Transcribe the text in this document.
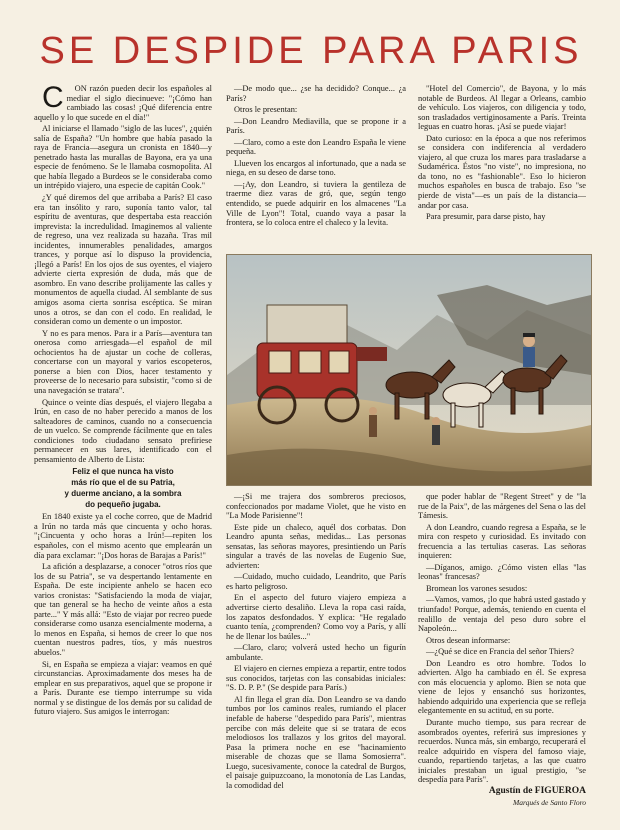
SE DESPIDE PARA PARIS

C ON razón pueden decir los españoles al mediar el siglo diecinueve: "¡Cómo han cambiado las cosas! ¡Qué diferencia entre aquello y lo que sucede en el día!"

Al iniciarse el llamado "siglo de las luces", ¿quién salía de España? "Un hombre que había pasado la raya de Francia—asegura un cronista en 1840—y penetrado hasta las murallas de Bayona, era ya una especie de fenómeno. Se le llamaba cosmopolita. Al que había llegado a Burdeos se le consideraba como un intrépido viajero, una especie de capitán Cook."

¿Y qué diremos del que arribaba a París? El caso era tan insólito y raro, suponía tanto valor, tal espíritu de aventuras, que despertaba esta reacción imprevista: la incredulidad. Imaginemos al valiente de regreso, una vez realizada su hazaña. Tras mil incidentes, innumerables penalidades, amargos trances, y porque así lo dispuso la providencia, ¡llegó a París! En los ojos de sus oyentes, el viajero advierte cierta expresión de duda, más que de asombro. En vano describe prolijamente las calles y monumentos de aquella ciudad. Al semblante de sus amigos asoma cierta sonrisa escéptica. Se miran unos a otros, se dan con el codo. En realidad, le consideran como un demente o un impostor.

Y no es para menos. Para ir a París—aventura tan onerosa como arriesgada—el español de mil ochocientos ha de ajustar un coche de colleras, concertarse con un mayoral y varios escopeteros, ponerse a bien con Dios, hacer testamento y proveerse de lo necesario para subsistir, "como si de una navegación se tratara".

Quince o veinte días después, el viajero llegaba a Irún, en caso de no haber perecido a manos de los salteadores de caminos, cuando no a consecuencia de un vuelco. Se comprende fácilmente que en tales condiciones todo ciudadano sensato prefiriese permanecer en sus lares, identificado con el pensamiento de Alberto de Lista:

Feliz el que nunca ha visto
más río que el de su Patria,
y duerme anciano, a la sombra
do pequeño jugaba.

En 1840 existe ya el coche correo, que de Madrid a Irún no tarda más que cincuenta y ocho horas. "¡Cincuenta y ocho horas a Irún!—repiten los españoles, con el mismo acento que emplearán un día para exclamar: "¡Dos horas de Barajas a París!"

La afición a desplazarse, a conocer "otros ríos que los de su Patria", se va despertando lentamente en España. De este incipiente anhelo se hacen eco varios cronistas: "Satisfaciendo la moda de viajar, que tan general se ha hecho de veinte años a esta parte..." Y más allá: "Esto de viajar por recreo puede considerarse como usanza esencialmente moderna, a lo menos en España, si hemos de creer lo que nos cuentan nuestros padres, tíos, y más nuestros abuelos."

Si, en España se empieza a viajar: veamos en qué circunstancias. Aproximadamente dos meses ha de emplear en sus preparativos, aquel que se propone ir a París. Durante ese tiempo interrumpe su vida normal y se distingue de los demás por su calidad de futuro viajero. Sus amigos le interrogan:

—De modo que... ¿se ha decidido? Conque... ¿a París?

Otros le presentan:

—Don Leandro Mediavilla, que se propone ir a París.

—Claro, como a este don Leandro España le viene pequeña.

Llueven los encargos al infortunado, que a nada se niega, en su deseo de darse tono.

—¡Ay, don Leandro, si tuviera la gentileza de traerme diez varas de gró, que, según tengo entendido, se puede adquirir en los almacenes "La Ville de Lyon"! Total, cuando vaya a pasar la frontera, se lo coloca entre el chaleco y la levita.

"Hotel del Comercio", de Bayona, y lo más notable de Burdeos. Al llegar a Orleans, cambio de vehículo. Los viajeros, con diligencia y todo, son trasladados vertiginosamente a París. Treinta leguas en cuatro horas. ¡Así se puede viajar!

Dato curioso: en la época a que nos referimos se considera con indiferencia al verdadero viajero, al que cruza los mares para trasladarse a Sudamérica. Éstos "no viste", no impresiona, no da tono, no es "fashionable". Eso lo hicieron muchos españoles en busca de trabajo. Eso "se pierde de vista"—es un país de la distancia—andar por casa.

Para presumir, para darse pisto, hay

—¡Si me trajera dos sombreros preciosos, confeccionados por madame Violet, que he visto en "La Mode Parisienne"!

Este pide un chaleco, aquél dos corbatas. Don Leandro apunta señas, medidas... Las personas sensatas, las señoras mayores, presintiendo un París singular a través de las novelas de Eugenio Sue, advierten:

—Cuidado, mucho cuidado, Leandrito, que París es harto peligroso.

En el aspecto del futuro viajero empieza a advertirse cierto desaliño. Lleva la ropa casi raída, los zapatos desfondados. Y explica: "He regalado cuanto tenía, ¿comprenden? Como voy a París, y allí he de llenar los baúles..."

—Claro, claro; volverá usted hecho un figurín ambulante.

El viajero en ciernes empieza a repartir, entre todos sus conocidos, tarjetas con las consabidas iniciales: "S. D. P. P." (Se despide para París.)

Al fin llega el gran día. Don Leandro se va dando tumbos por los caminos reales, rumiando el placer inefable de haberse "despedido para París", mientras percibe con más deleite que si se tratara de ecos melodiosos los trallazos y los gritos del mayoral. Pasa la primera noche en ese "hacinamiento miserable de chozas que se llama Somosierra". Luego, sucesivamente, conoce la catedral de Burgos, el paisaje guipuzcoano, la monotonía de Las Landas, la comodidad del

que poder hablar de "Regent Street" y de "la rue de la Paix", de las márgenes del Sena o las del Támesis.

A don Leandro, cuando regresa a España, se le mira con respeto y curiosidad. Es invitado con frecuencia a las tertulias caseras. Las señoras inquieren:

—Díganos, amigo. ¿Cómo visten ellas "las leonas" francesas?

Bromean los varones sesudos:

—Vamos, vamos, ¡lo que habrá usted gastado y triunfado! Porque, además, teniendo en cuenta el realillo de ventaja del peso duro sobre el Napoleón...

Otros desean informarse:

—¿Qué se dice en Francia del señor Thiers?

Don Leandro es otro hombre. Todos lo advierten. Algo ha cambiado en él. Se expresa con más elocuencia y aplomo. Bien se nota que viene de lejos y ensanchó sus horizontes, habiendo adquirido una experiencia que se refleja elegantemente en su actitud, en su porte.

Durante mucho tiempo, sus para recrear de asombrados oyentes, referirá sus impresiones y recuerdos. Nunca más, sin embargo, recuperará el realce adquirido en víspera del famoso viaje, cuando, repartiendo tarjetas, a las que cuatro iniciales prestaban un igual prestigio, "se despedía para París".

Agustín de FIGUEROA

Marqués de Santo Floro
